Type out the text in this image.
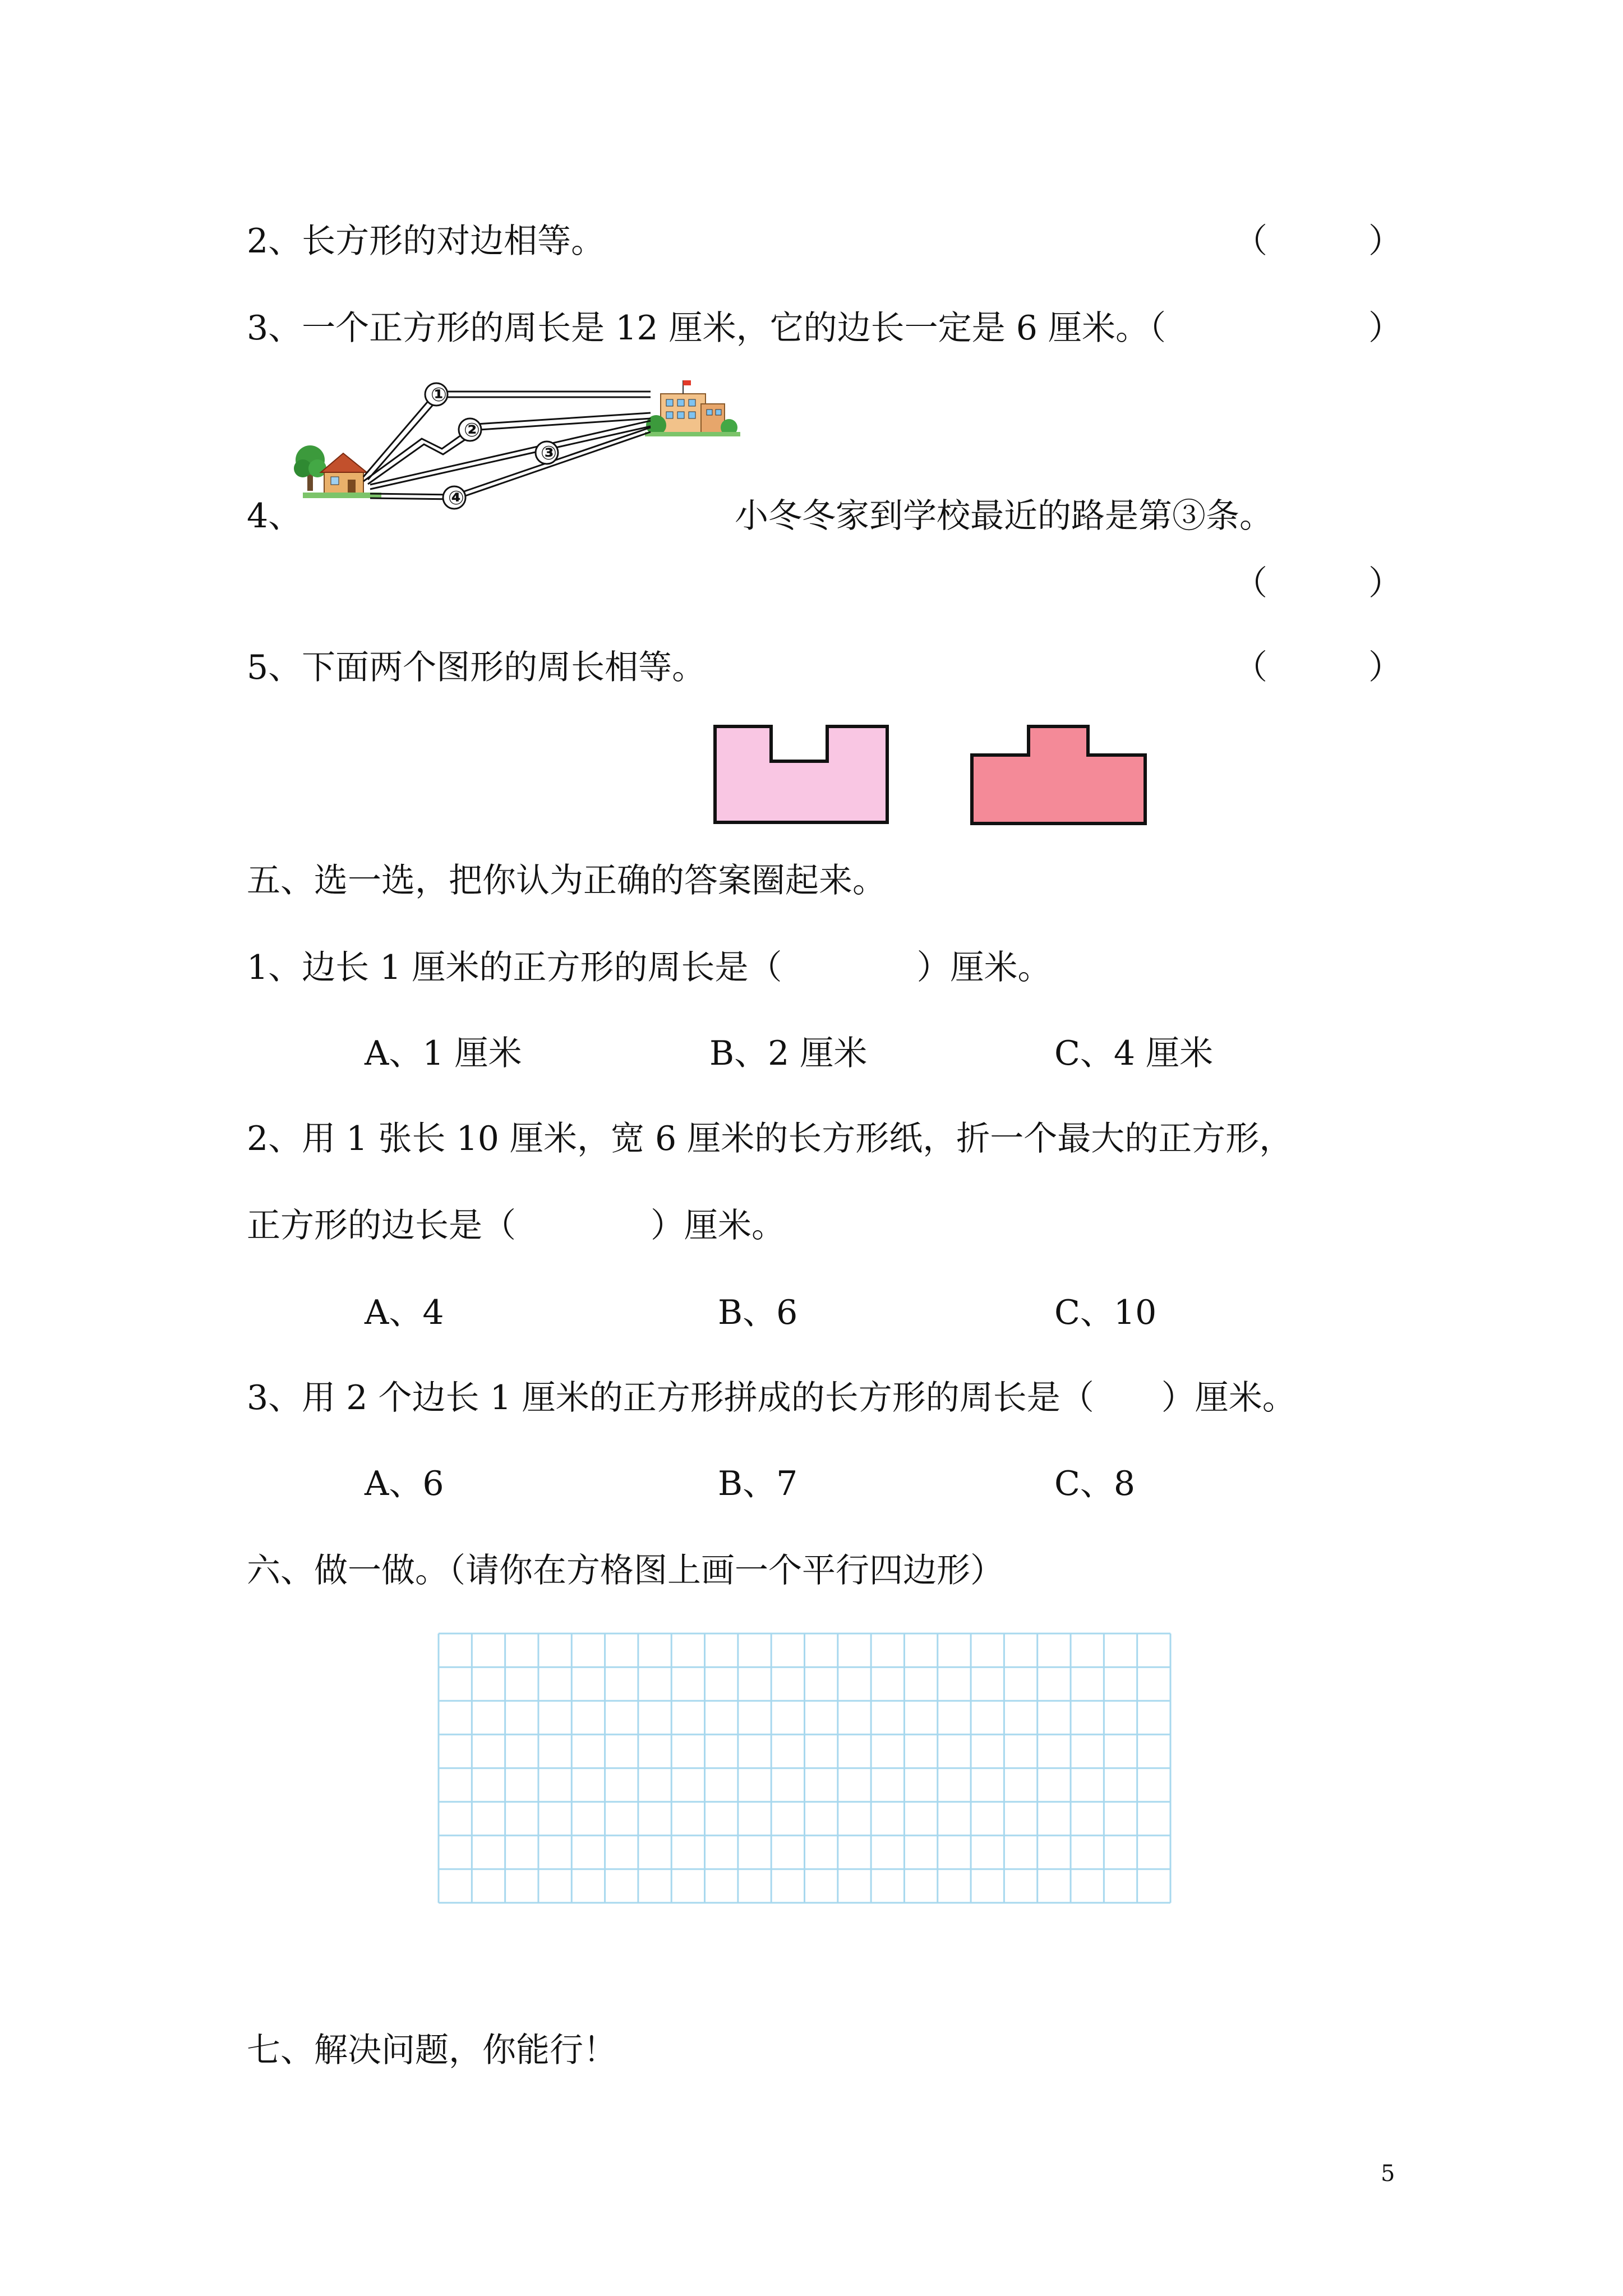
2、长方形的对边相等。	（	）
3、一个正方形的周长是 12 厘米，它的边长一定是 6 厘米。（	）
4、
①
②
③
④	小冬冬家到学校最近的路是第③条。
（	）
5、下面两个图形的周长相等。	（	）
五、选一选，把你认为正确的答案圈起来。
1、边长 1 厘米的正方形的周长是（　　　　）厘米。
A、1 厘米	B、2 厘米	C、4 厘米
2、用 1 张长 10 厘米，宽 6 厘米的长方形纸，折一个最大的正方形，
正方形的边长是（　　　　）厘米。
A、4	B、6	C、10
3、用 2 个边长 1 厘米的正方形拼成的长方形的周长是（　　）厘米。
A、6	B、7	C、8
六、做一做。（请你在方格图上画一个平行四边形）
七、解决问题，你能行！
5
